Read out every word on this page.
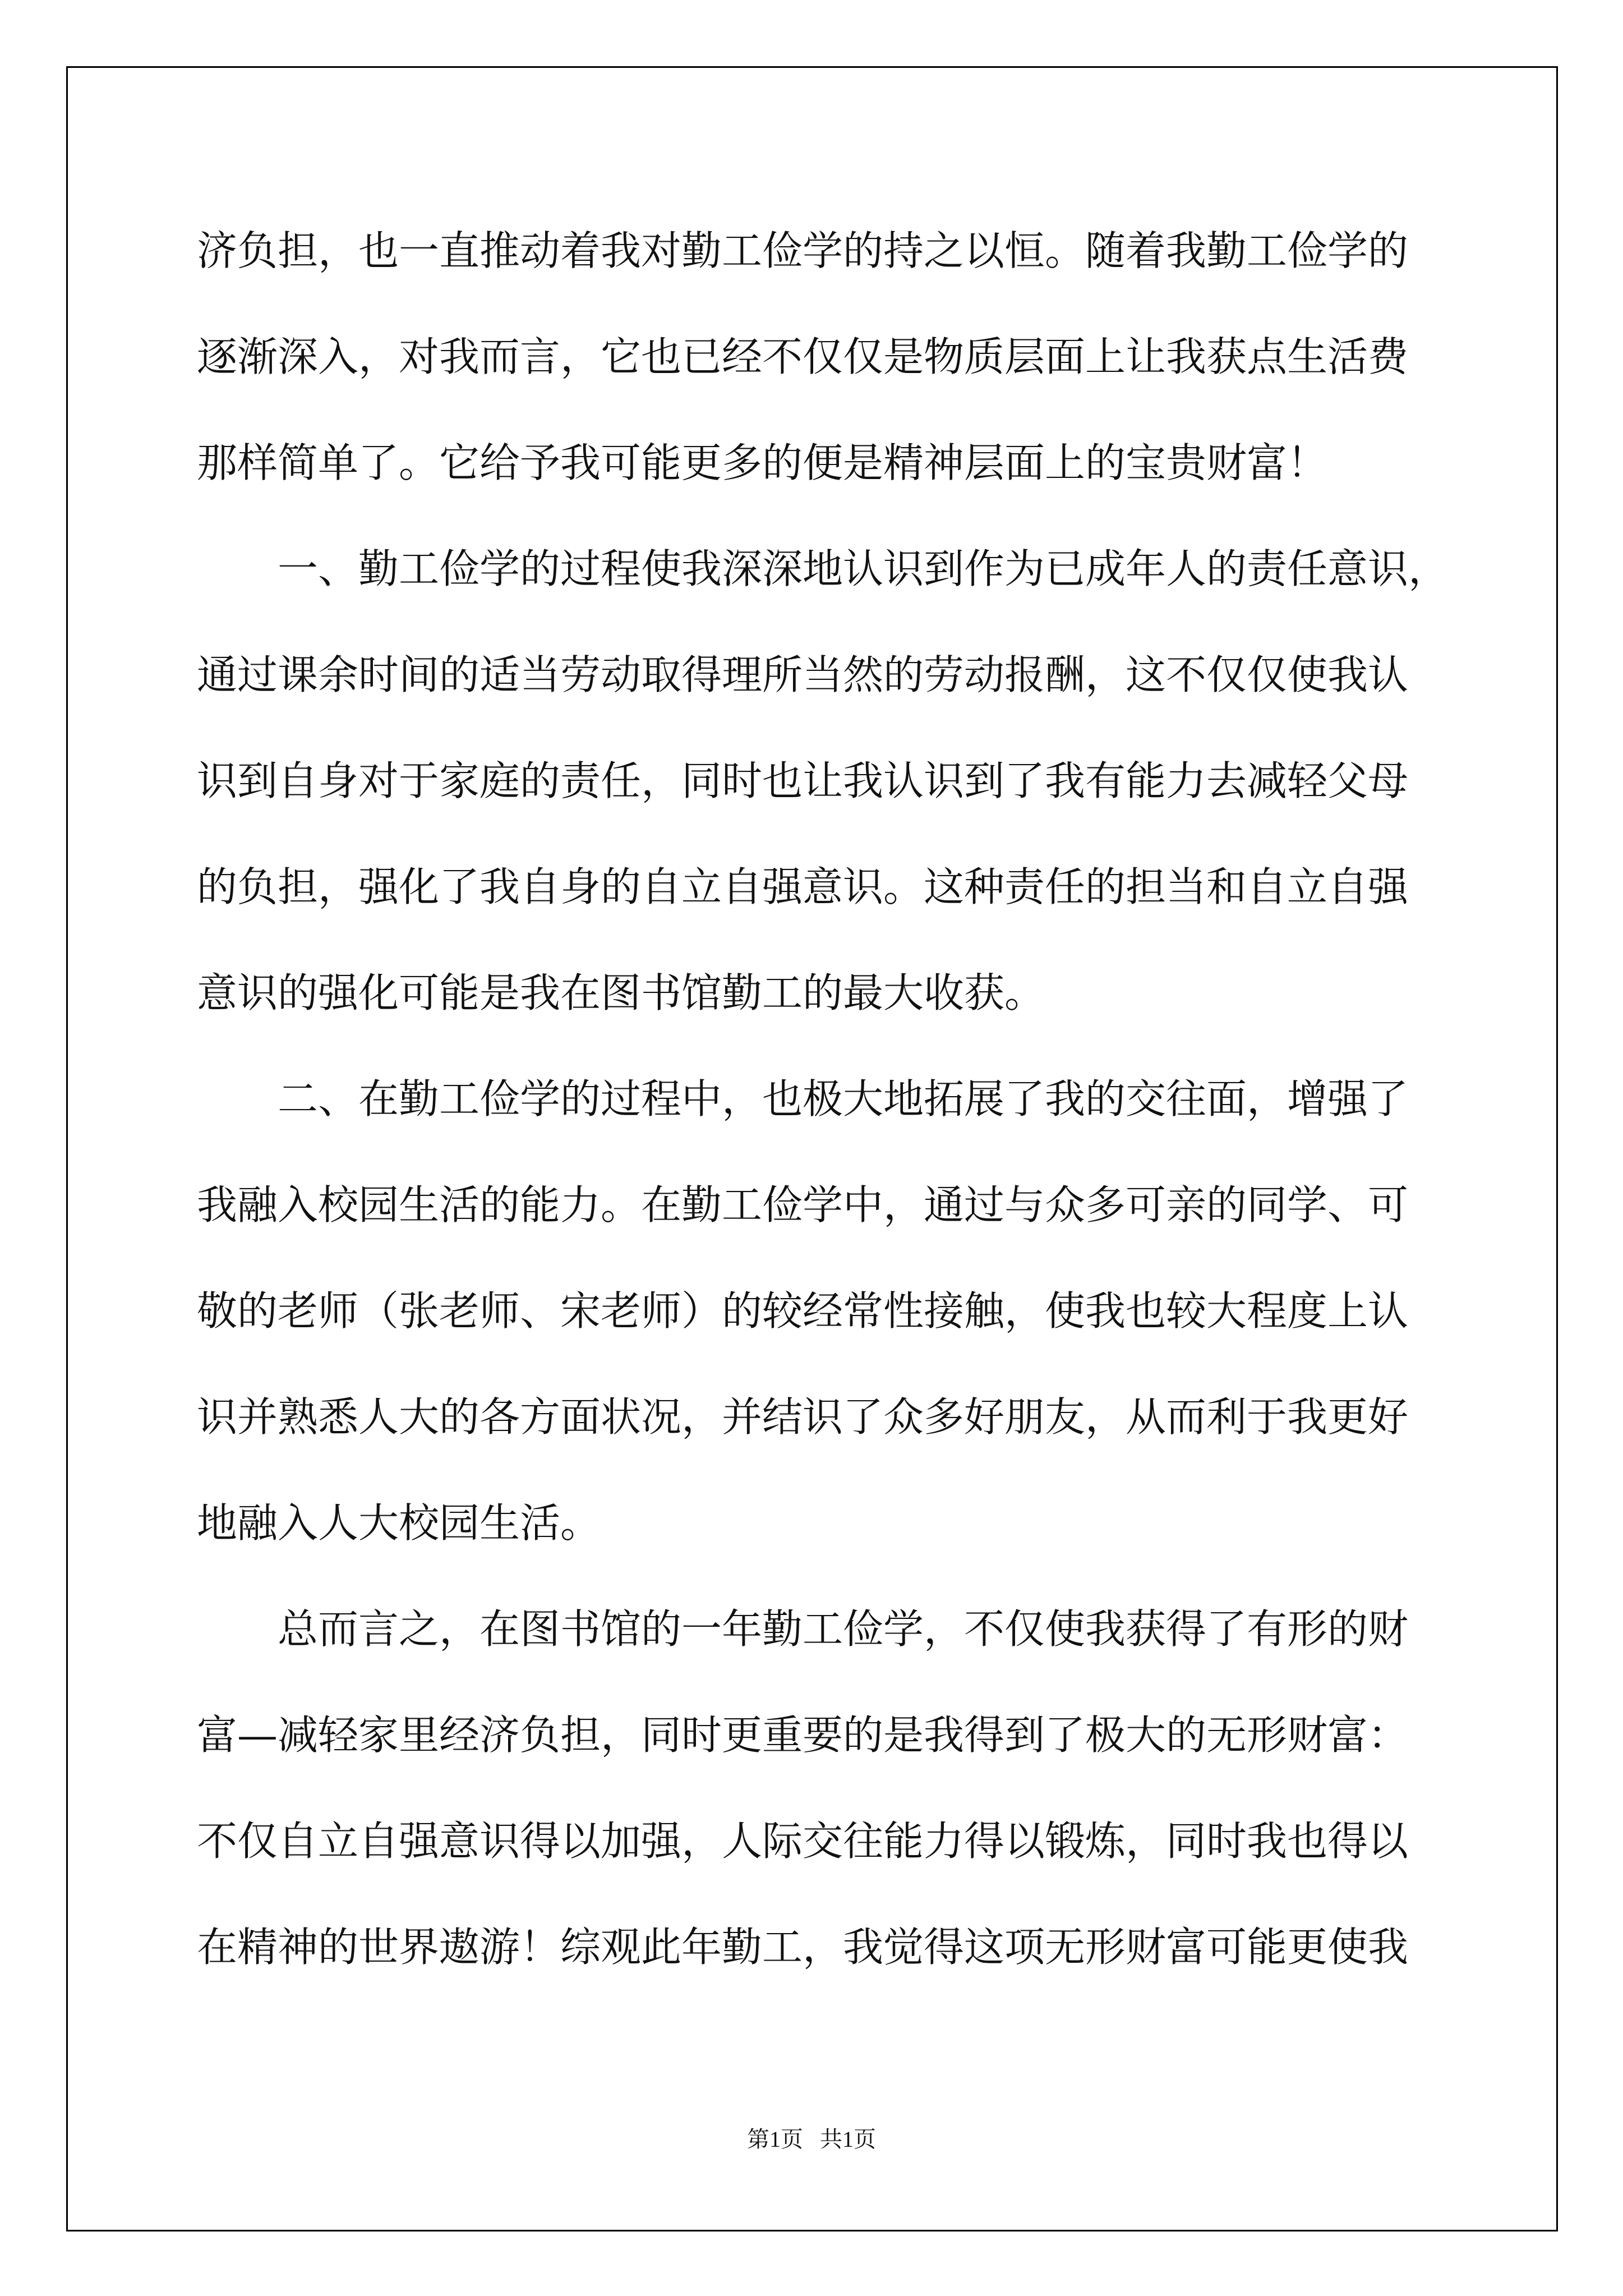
济负担，也一直推动着我对勤工俭学的持之以恒。随着我勤工俭学的
逐渐深入，对我而言，它也已经不仅仅是物质层面上让我获点生活费
那样简单了。它给予我可能更多的便是精神层面上的宝贵财富！
一、勤工俭学的过程使我深深地认识到作为已成年人的责任意识，
通过课余时间的适当劳动取得理所当然的劳动报酬，这不仅仅使我认
识到自身对于家庭的责任，同时也让我认识到了我有能力去减轻父母
的负担，强化了我自身的自立自强意识。这种责任的担当和自立自强
意识的强化可能是我在图书馆勤工的最大收获。
二、在勤工俭学的过程中，也极大地拓展了我的交往面，增强了
我融入校园生活的能力。在勤工俭学中，通过与众多可亲的同学、可
敬的老师（张老师、宋老师）的较经常性接触，使我也较大程度上认
识并熟悉人大的各方面状况，并结识了众多好朋友，从而利于我更好
地融入人大校园生活。
总而言之，在图书馆的一年勤工俭学，不仅使我获得了有形的财
富—减轻家里经济负担，同时更重要的是我得到了极大的无形财富：
不仅自立自强意识得以加强，人际交往能力得以锻炼，同时我也得以
在精神的世界遨游！综观此年勤工，我觉得这项无形财富可能更使我
第1页   共1页
